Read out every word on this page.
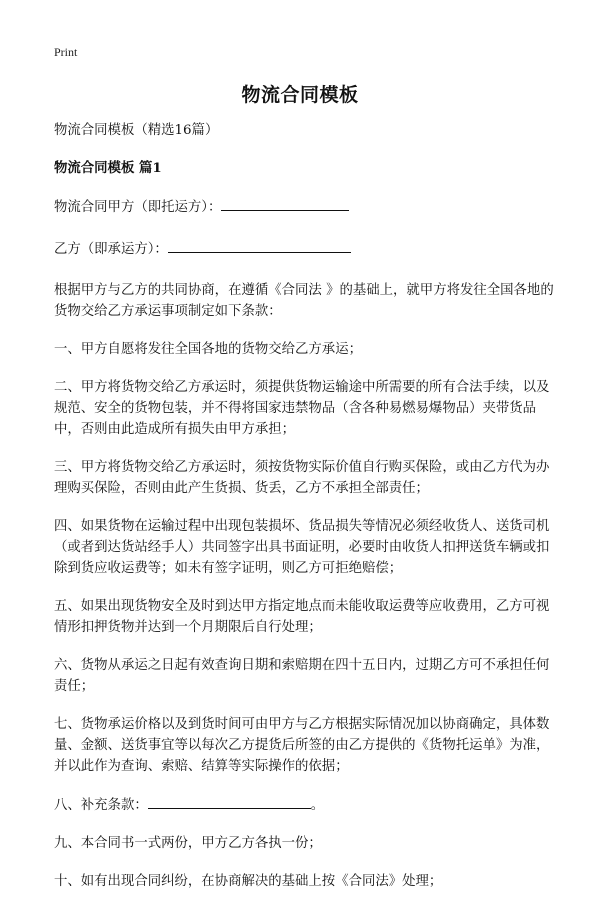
Print
物流合同模板

物流合同模板（精选16篇）

物流合同模板 篇1

物流合同甲方（即托运方）：

乙方（即承运方）：

根据甲方与乙方的共同协商，在遵循《合同法 》的基础上，就甲方将发往全国各地的货物交给乙方承运事项制定如下条款：

一、甲方自愿将发往全国各地的货物交给乙方承运；

二、甲方将货物交给乙方承运时，须提供货物运输途中所需要的所有合法手续，以及规范、安全的货物包装，并不得将国家违禁物品（含各种易燃易爆物品）夹带货品中，否则由此造成所有损失由甲方承担；

三、甲方将货物交给乙方承运时，须按货物实际价值自行购买保险，或由乙方代为办理购买保险，否则由此产生货损、货丢，乙方不承担全部责任；

四、如果货物在运输过程中出现包装损坏、货品损失等情况必须经收货人、送货司机（或者到达货站经手人）共同签字出具书面证明，必要时由收货人扣押送货车辆或扣除到货应收运费等；如未有签字证明，则乙方可拒绝赔偿；

五、如果出现货物安全及时到达甲方指定地点而未能收取运费等应收费用，乙方可视情形扣押货物并达到一个月期限后自行处理；

六、货物从承运之日起有效查询日期和索赔期在四十五日内，过期乙方可不承担任何责任；

七、货物承运价格以及到货时间可由甲方与乙方根据实际情况加以协商确定，具体数量、金额、送货事宜等以每次乙方提货后所签的由乙方提供的《货物托运单》为准，并以此作为查询、索赔、结算等实际操作的依据；

八、补充条款：	。

九、本合同书一式两份，甲方乙方各执一份；

十、如有出现合同纠纷，在协商解决的基础上按《合同法》处理；
